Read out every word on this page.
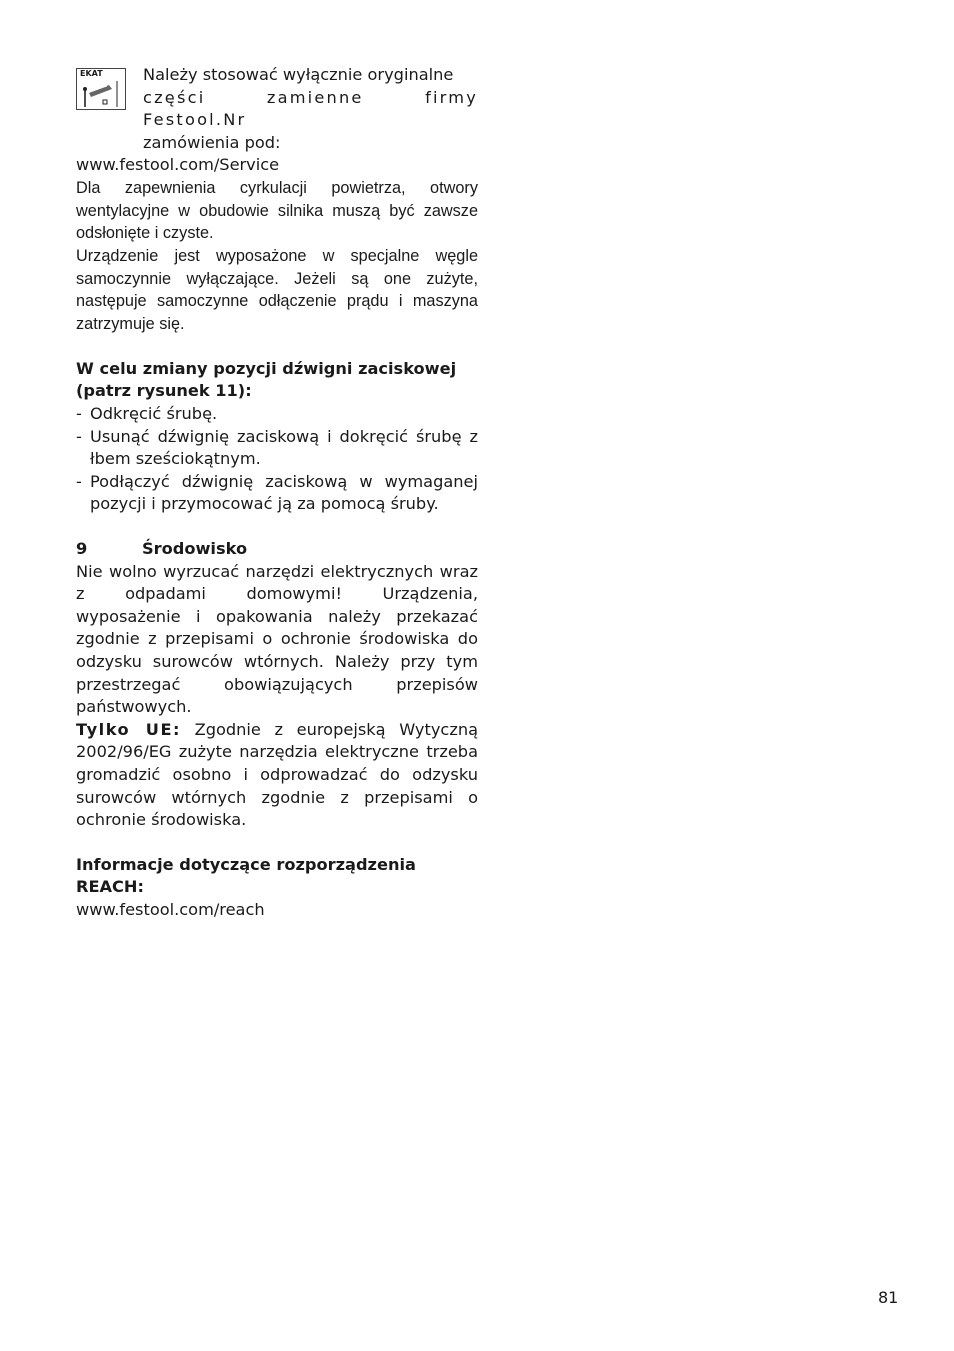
EKAT Należy stosować wyłącznie oryginalne
części zamienne firmy Festool.Nr
zamówienia pod:
www.festool.com/Service

Dla zapewnienia cyrkulacji powietrza, otwory wentylacyjne w obudowie silnika muszą być zawsze odsłonięte i czyste.

Urządzenie jest wyposażone w specjalne węgle samoczynnie wyłączające. Jeżeli są one zużyte, następuje samoczynne odłączenie prądu i maszyna zatrzymuje się.

W celu zmiany pozycji dźwigni zaciskowej (patrz rysunek 11):
- Odkręcić śrubę.
- Usunąć dźwignię zaciskową i dokręcić śrubę z łbem sześciokątnym.
- Podłączyć dźwignię zaciskową w wymaganej pozycji i przymocować ją za pomocą śruby.
9	Środowisko

Nie wolno wyrzucać narzędzi elektrycznych wraz z odpadami domowymi! Urządzenia, wyposażenie i opakowania należy przekazać zgodnie z przepisami o ochronie środowiska do odzysku surowców wtórnych. Należy przy tym przestrzegać obowiązujących przepisów państwowych.

Tylko UE: Zgodnie z europejską Wytyczną 2002/96/EG zużyte narzędzia elektryczne trzeba gromadzić osobno i odprowadzać do odzysku surowców wtórnych zgodnie z przepisami o ochronie środowiska.

Informacje dotyczące rozporządzenia REACH:
www.festool.com/reach
81
